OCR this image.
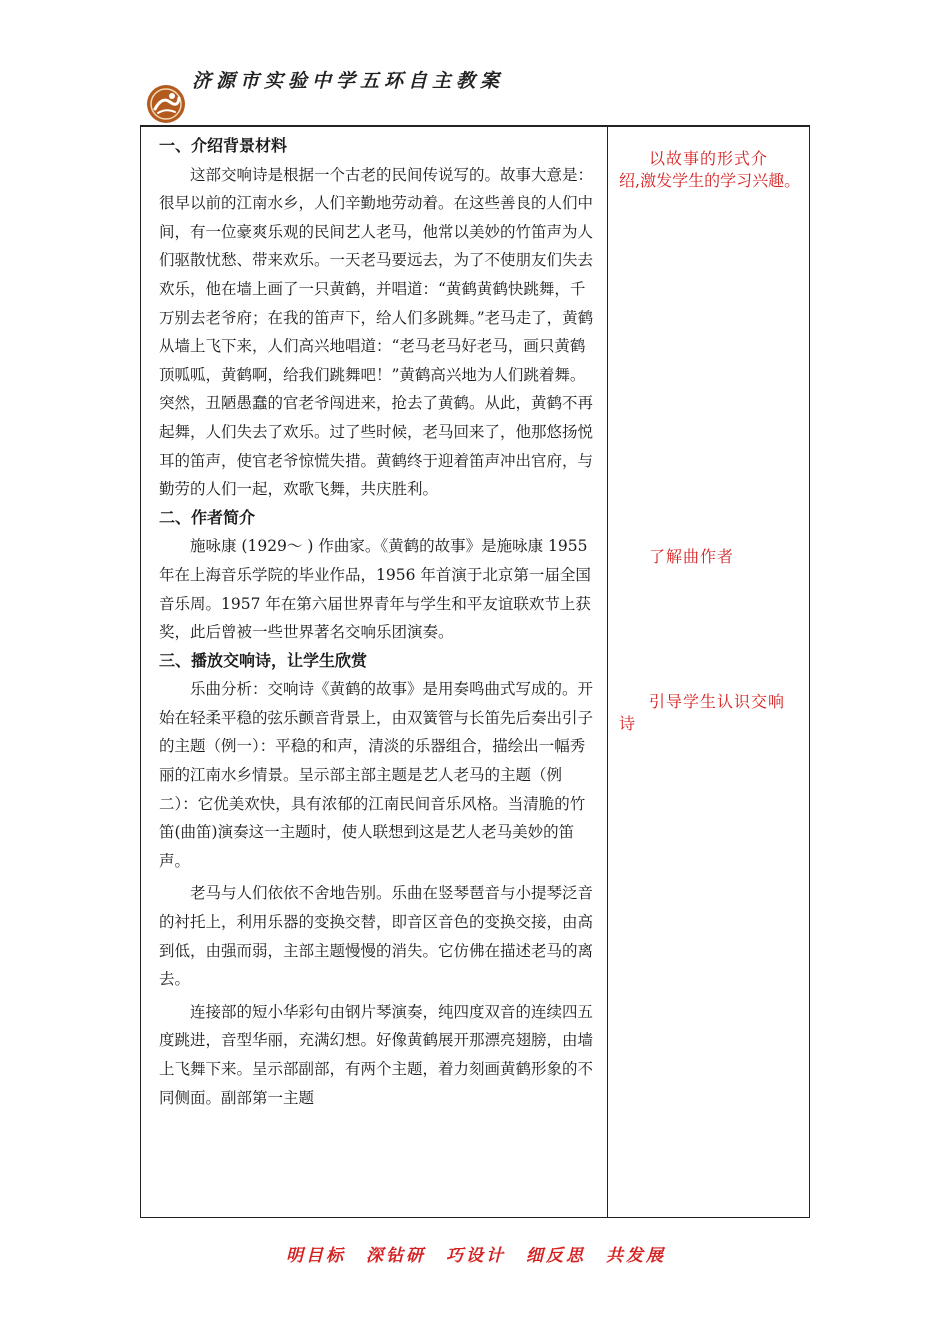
济源市实验中学五环自主教案
一、介绍背景材料

这部交响诗是根据一个古老的民间传说写的。故事大意是：很早以前的江南水乡，人们辛勤地劳动着。在这些善良的人们中间，有一位豪爽乐观的民间艺人老马，他常以美妙的竹笛声为人们驱散忧愁、带来欢乐。一天老马要远去，为了不使朋友们失去欢乐，他在墙上画了一只黄鹤，并唱道：“黄鹤黄鹤快跳舞，千万别去老爷府；在我的笛声下，给人们多跳舞。”老马走了，黄鹤从墙上飞下来，人们高兴地唱道：“老马老马好老马，画只黄鹤顶呱呱，黄鹤啊，给我们跳舞吧！”黄鹤高兴地为人们跳着舞。突然，丑陋愚蠢的官老爷闯进来，抢去了黄鹤。从此，黄鹤不再起舞，人们失去了欢乐。过了些时候，老马回来了，他那悠扬悦耳的笛声，使官老爷惊慌失措。黄鹤终于迎着笛声冲出官府，与勤劳的人们一起，欢歌飞舞，共庆胜利。

二、作者简介

施咏康 (1929～ ) 作曲家。《黄鹤的故事》是施咏康 1955 年在上海音乐学院的毕业作品，1956 年首演于北京第一届全国音乐周。1957 年在第六届世界青年与学生和平友谊联欢节上获奖，此后曾被一些世界著名交响乐团演奏。

三、播放交响诗，让学生欣赏

乐曲分析：交响诗《黄鹤的故事》是用奏鸣曲式写成的。开始在轻柔平稳的弦乐颤音背景上，由双簧管与长笛先后奏出引子的主题（例一）：平稳的和声，清淡的乐器组合，描绘出一幅秀丽的江南水乡情景。呈示部主部主题是艺人老马的主题（例二）：它优美欢快，具有浓郁的江南民间音乐风格。当清脆的竹笛(曲笛)演奏这一主题时，使人联想到这是艺人老马美妙的笛声。

老马与人们依依不舍地告别。乐曲在竖琴琶音与小提琴泛音的衬托上，利用乐器的变换交替，即音区音色的变换交接，由高到低，由强而弱，主部主题慢慢的消失。它仿佛在描述老马的离去。

连接部的短小华彩句由钢片琴演奏，纯四度双音的连续四五度跳进，音型华丽，充满幻想。好像黄鹤展开那漂亮翅膀，由墙上飞舞下来。呈示部副部，有两个主题，着力刻画黄鹤形象的不同侧面。副部第一主题

以故事的形式介
绍,激发学生的学习兴趣。
了解曲作者
引导学生认识交响
诗
明目标　深钻研　巧设计　细反思　共发展
